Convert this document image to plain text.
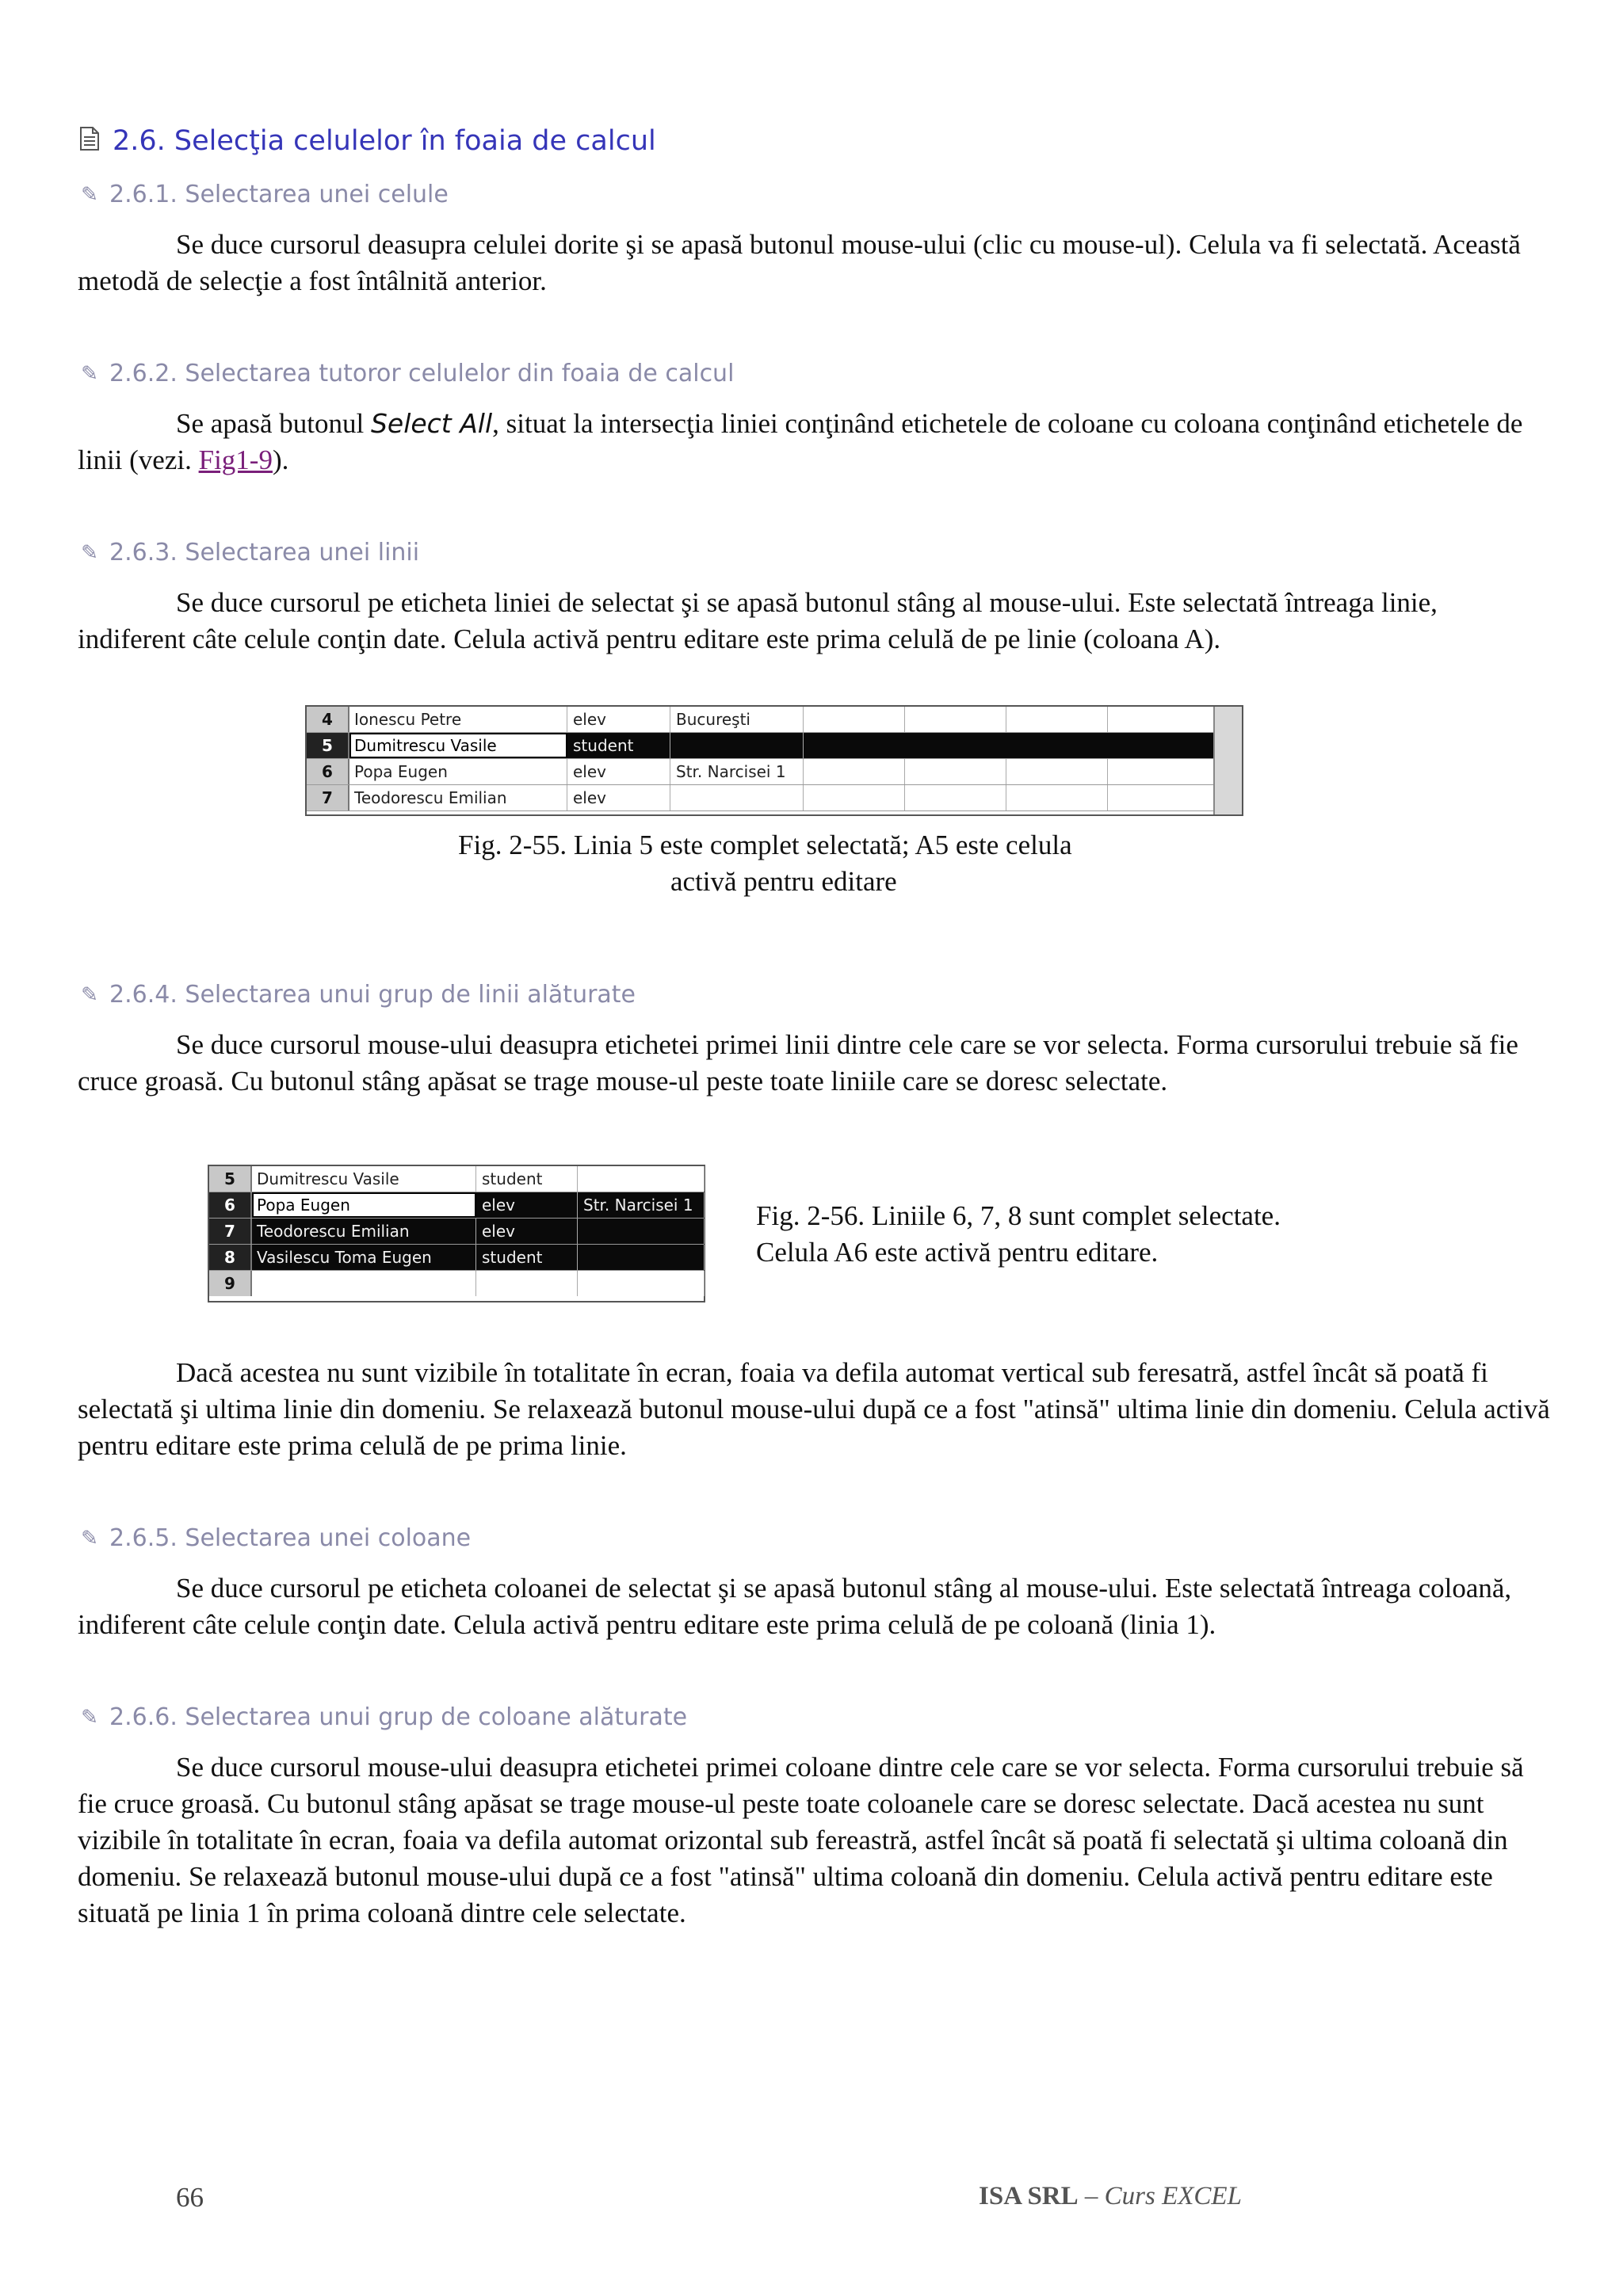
2.6. Selecţia celulelor în foaia de calcul
✎ 2.6.1. Selectarea unei celule

Se duce cursorul deasupra celulei dorite şi se apasă butonul mouse-ului (clic cu mouse-ul). Celula va fi selectată. Această metodă de selecţie a fost întâlnită anterior.

✎ 2.6.2. Selectarea tutoror celulelor din foaia de calcul

Se apasă butonul Select All, situat la intersecţia liniei conţinând etichetele de coloane cu coloana conţinând etichetele de linii (vezi. Fig1-9).

✎ 2.6.3. Selectarea unei linii

Se duce cursorul pe eticheta liniei de selectat şi se apasă butonul stâng al mouse-ului. Este selectată întreaga linie, indiferent câte celule conţin date. Celula activă pentru editare este prima celulă de pe linie (coloana A).

4	Ionescu Petre	elev	Bucureşti
5	Dumitrescu Vasile	student
6	Popa Eugen	elev	Str. Narcisei 1
7	Teodorescu Emilian	elev
Fig. 2-55. Linia 5 este complet selectată; A5 este celula
activă pentru editare
✎ 2.6.4. Selectarea unui grup de linii alăturate

Se duce cursorul mouse-ului deasupra etichetei primei linii dintre cele care se vor selecta. Forma cursorului trebuie să fie cruce groasă. Cu butonul stâng apăsat se trage mouse-ul peste toate liniile care se doresc selectate.

5	Dumitrescu Vasile	student
6	Popa Eugen	elev	Str. Narcisei 1
7	Teodorescu Emilian	elev
8	Vasilescu Toma Eugen	student
9
Fig. 2-56. Liniile 6, 7, 8 sunt complet selectate.
Celula A6 este activă pentru editare.

Dacă acestea nu sunt vizibile în totalitate în ecran, foaia va defila automat vertical sub feresatră, astfel încât să poată fi selectată şi ultima linie din domeniu. Se relaxează butonul mouse-ului după ce a fost "atinsă" ultima linie din domeniu. Celula activă pentru editare este prima celulă de pe prima linie.

✎ 2.6.5. Selectarea unei coloane

Se duce cursorul pe eticheta coloanei de selectat şi se apasă butonul stâng al mouse-ului. Este selectată întreaga coloană, indiferent câte celule conţin date. Celula activă pentru editare este prima celulă de pe coloană (linia 1).

✎ 2.6.6. Selectarea unui grup de coloane alăturate

Se duce cursorul mouse-ului deasupra etichetei primei coloane dintre cele care se vor selecta. Forma cursorului trebuie să fie cruce groasă. Cu butonul stâng apăsat se trage mouse-ul peste toate coloanele care se doresc selectate. Dacă acestea nu sunt vizibile în totalitate în ecran, foaia va defila automat orizontal sub fereastră, astfel încât să poată fi selectată şi ultima coloană din domeniu. Se relaxează butonul mouse-ului după ce a fost "atinsă" ultima coloană din domeniu. Celula activă pentru editare este situată pe linia 1 în prima coloană dintre cele selectate.

66	ISA SRL – Curs EXCEL
